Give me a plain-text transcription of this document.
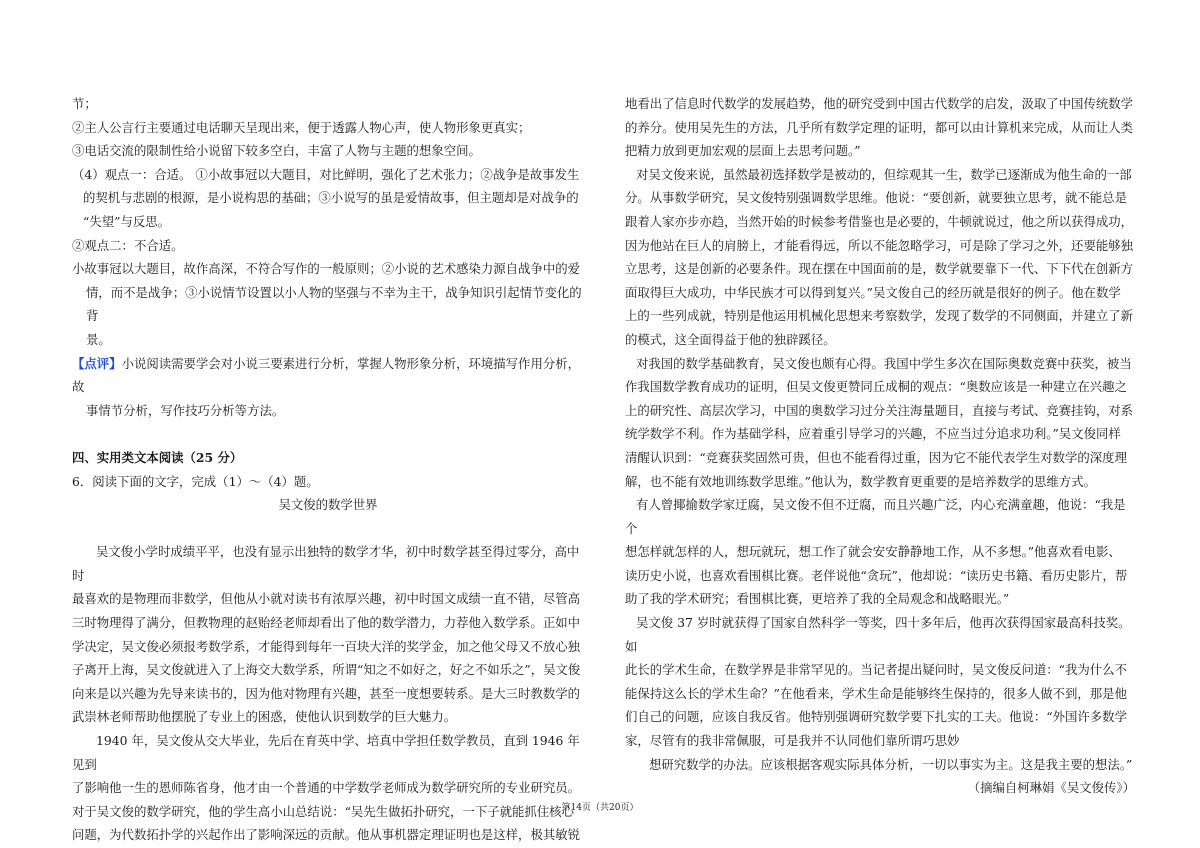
节；

②主人公言行主要通过电话聊天呈现出来，便于透露人物心声，使人物形象更真实；

③电话交流的限制性给小说留下较多空白，丰富了人物与主题的想象空间。

（4）观点一：合适。 ①小故事冠以大题目，对比鲜明，强化了艺术张力；②战争是故事发生

的契机与悲剧的根源，是小说构思的基础；③小说写的虽是爱情故事，但主题却是对战争的

“失望”与反思。

②观点二：不合适。

小故事冠以大题目，故作高深，不符合写作的一般原则；②小说的艺术感染力源自战争中的爱

情，而不是战争；③小说情节设置以小人物的坚强与不幸为主干，战争知识引起情节变化的背

景。

【点评】小说阅读需要学会对小说三要素进行分析，掌握人物形象分析，环境描写作用分析，故

事情节分析，写作技巧分析等方法。

四、实用类文本阅读（25 分）

6．阅读下面的文字，完成（1）～（4）题。

吴文俊的数学世界

吴文俊小学时成绩平平，也没有显示出独特的数学才华，初中时数学甚至得过零分，高中时

最喜欢的是物理而非数学，但他从小就对读书有浓厚兴趣，初中时国文成绩一直不错，尽管高

三时物理得了满分，但教物理的赵贻经老师却看出了他的数学潜力，力荐他入数学系。正如中

学决定，吴文俊必须报考数学系，才能得到每年一百块大洋的奖学金，加之他父母又不放心独

子离开上海，吴文俊就进入了上海交大数学系，所谓“知之不如好之，好之不如乐之”，吴文俊

向来是以兴趣为先导来读书的，因为他对物理有兴趣，甚至一度想要转系。是大三时教数学的

武崇林老师帮助他摆脱了专业上的困惑，使他认识到数学的巨大魅力。

1940 年，吴文俊从交大毕业，先后在育英中学、培真中学担任数学教员，直到 1946 年见到

了影响他一生的恩师陈省身，他才由一个普通的中学数学老师成为数学研究所的专业研究员。

对于吴文俊的数学研究，他的学生高小山总结说：“吴先生做拓扑研究，一下子就能抓住核心

问题，为代数拓扑学的兴起作出了影响深远的贡献。他从事机器定理证明也是这样，极其敏锐

地看出了信息时代数学的发展趋势，他的研究受到中国古代数学的启发，汲取了中国传统数学

的养分。使用吴先生的方法，几乎所有数学定理的证明，都可以由计算机来完成，从而让人类

把精力放到更加宏观的层面上去思考问题。”

对吴文俊来说，虽然最初选择数学是被动的，但综观其一生，数学已逐渐成为他生命的一部

分。从事数学研究，吴文俊特别强调数学思维。他说：“要创新，就要独立思考，就不能总是

跟着人家亦步亦趋，当然开始的时候参考借鉴也是必要的，牛顿就说过，他之所以获得成功，

因为他站在巨人的肩膀上，才能看得远，所以不能忽略学习，可是除了学习之外，还要能够独

立思考，这是创新的必要条件。现在摆在中国面前的是，数学就要靠下一代、下下代在创新方

面取得巨大成功，中华民族才可以得到复兴。”吴文俊自己的经历就是很好的例子。他在数学

上的一些列成就，特别是他运用机械化思想来考察数学，发现了数学的不同侧面，并建立了新

的模式，这全面得益于他的独辟蹊径。

对我国的数学基础教育，吴文俊也颇有心得。我国中学生多次在国际奥数竞赛中获奖，被当

作我国数学教育成功的证明，但吴文俊更赞同丘成桐的观点：“奥数应该是一种建立在兴趣之

上的研究性、高层次学习，中国的奥数学习过分关注海量题目，直接与考试、竞赛挂钩，对系

统学数学不利。作为基础学科，应着重引导学习的兴趣，不应当过分追求功利。”吴文俊同样

清醒认识到：“竞赛获奖固然可贵，但也不能看得过重，因为它不能代表学生对数学的深度理

解，也不能有效地训练数学思维。”他认为，数学教育更重要的是培养数学的思维方式。

有人曾揶揄数学家迂腐，吴文俊不但不迂腐，而且兴趣广泛，内心充满童趣，他说：“我是个

想怎样就怎样的人，想玩就玩，想工作了就会安安静静地工作，从不多想。”他喜欢看电影、

读历史小说，也喜欢看围棋比赛。老伴说他“贪玩”，他却说：“读历史书籍、看历史影片，帮

助了我的学术研究；看围棋比赛，更培养了我的全局观念和战略眼光。”

吴文俊 37 岁时就获得了国家自然科学一等奖，四十多年后，他再次获得国家最高科技奖。如

此长的学术生命，在数学界是非常罕见的。当记者提出疑问时，吴文俊反问道：“我为什么不

能保持这么长的学术生命？”在他看来，学术生命是能够终生保持的，很多人做不到，那是他

们自己的问题，应该自我反省。他特别强调研究数学要下扎实的工夫。他说：“外国许多数学

家，尽管有的我非常佩服，可是我并不认同他们靠所谓巧思妙

想研究数学的办法。应该根据客观实际具体分析，一切以事实为主。这是我主要的想法。”

（摘编自柯琳娟《吴文俊传》）

第14页（共20页）
